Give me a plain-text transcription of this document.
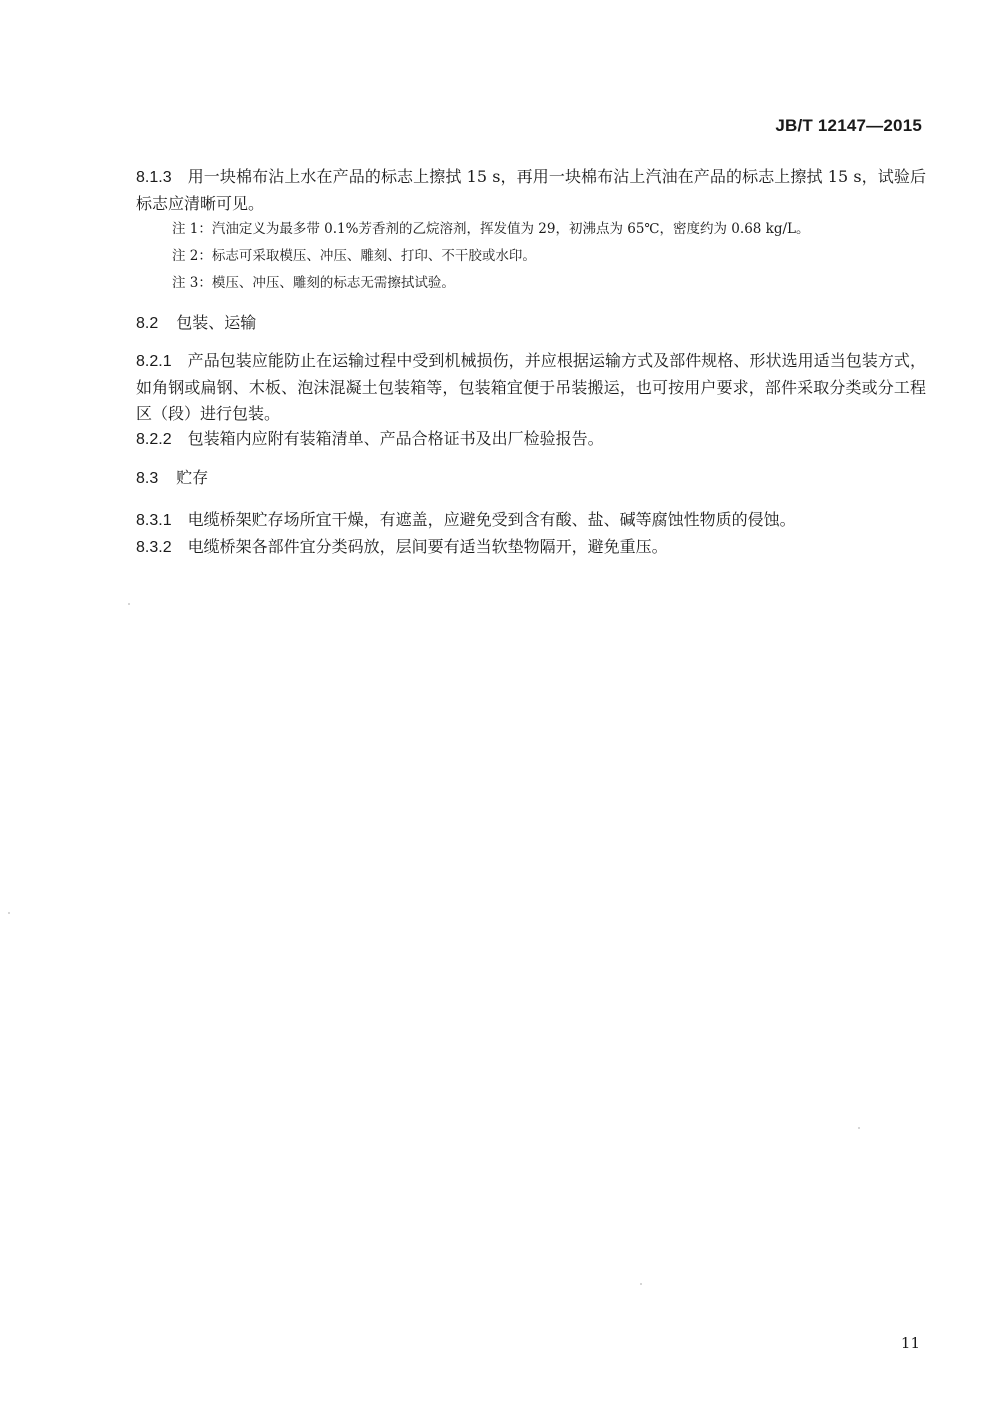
JB/T 12147—2015
8.1.3 用一块棉布沾上水在产品的标志上擦拭 15 s，再用一块棉布沾上汽油在产品的标志上擦拭 15 s，试验后标志应清晰可见。
注 1：汽油定义为最多带 0.1%芳香剂的乙烷溶剂，挥发值为 29，初沸点为 65℃，密度约为 0.68 kg/L。
注 2：标志可采取模压、冲压、雕刻、打印、不干胶或水印。
注 3：模压、冲压、雕刻的标志无需擦拭试验。
8.2 包装、运输
8.2.1 产品包装应能防止在运输过程中受到机械损伤，并应根据运输方式及部件规格、形状选用适当包装方式，如角钢或扁钢、木板、泡沫混凝土包装箱等，包装箱宜便于吊装搬运，也可按用户要求，部件采取分类或分工程区（段）进行包装。
8.2.2 包装箱内应附有装箱清单、产品合格证书及出厂检验报告。
8.3 贮存
8.3.1 电缆桥架贮存场所宜干燥，有遮盖，应避免受到含有酸、盐、碱等腐蚀性物质的侵蚀。
8.3.2 电缆桥架各部件宜分类码放，层间要有适当软垫物隔开，避免重压。
11
